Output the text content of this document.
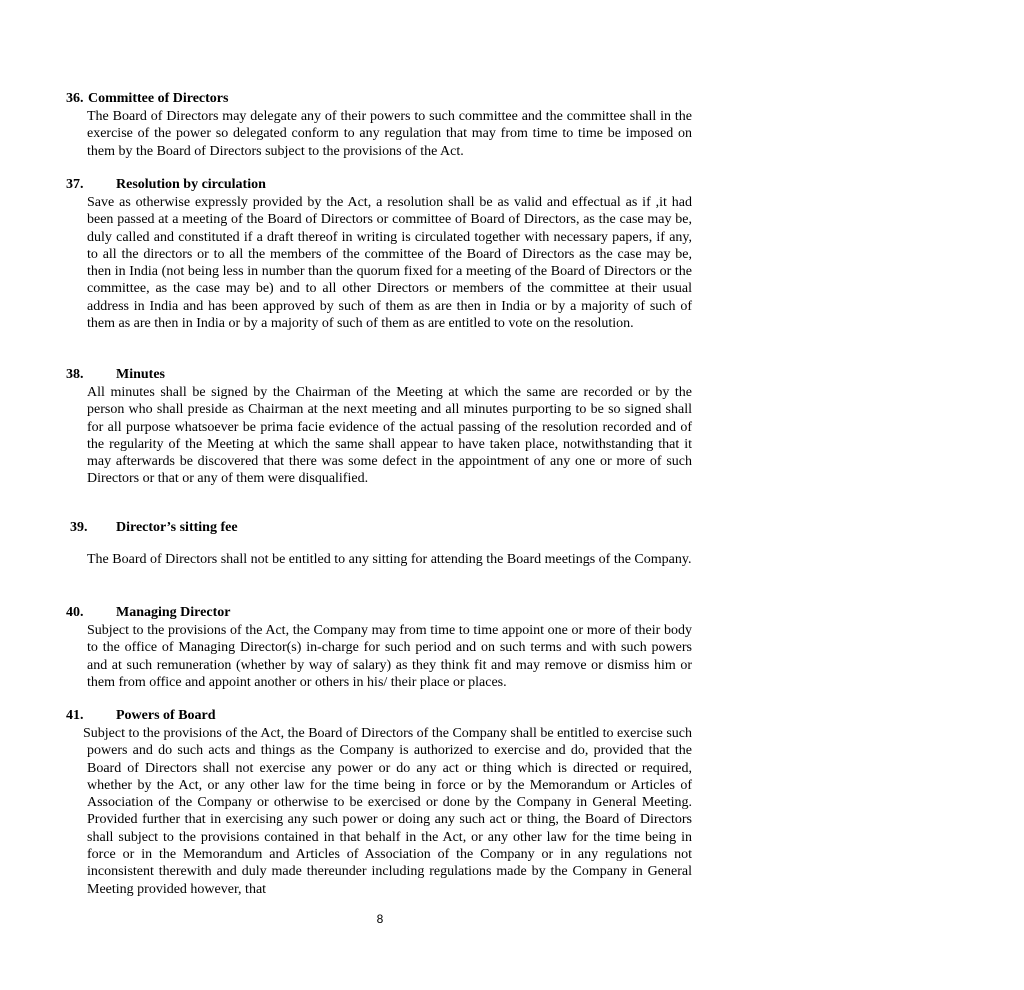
36. Committee of Directors
The Board of Directors may delegate any of their powers to such committee and the committee shall in the exercise of the power so delegated conform to any regulation that may from time to time be imposed on them by the Board of Directors subject to the provisions of the Act.
37. Resolution by circulation
Save as otherwise expressly provided by the Act, a resolution shall be as valid and effectual as if ,it had been passed at a meeting of the Board of Directors or committee of Board of Directors, as the case may be, duly called and constituted if a draft thereof in writing is circulated together with necessary papers, if any, to all the directors or to all the members of the committee of the Board of Directors as the case may be, then in India (not being less in number than the quorum fixed for a meeting of the Board of Directors or the committee, as the case may be) and to all other Directors or members of the committee at their usual address in India and has been approved by such of them as are then in India or by a majority of such of them as are then in India or by a majority of such of them as are entitled to vote on the resolution.
38. Minutes
All minutes shall be signed by the Chairman of the Meeting at which the same are recorded or by the person who shall preside as Chairman at the next meeting and all minutes purporting to be so signed shall for all purpose whatsoever be prima facie evidence of the actual passing of the resolution recorded and of the regularity of the Meeting at which the same shall appear to have taken place, notwithstanding that it may afterwards be discovered that there was some defect in the appointment of any one or more of such Directors or that or any of them were disqualified.
39. Director’s sitting fee
The Board of Directors shall not be entitled to any sitting for attending the Board meetings of the Company.
40. Managing Director
Subject to the provisions of the Act, the Company may from time to time appoint one or more of their body to the office of Managing Director(s) in-charge for such period and on such terms and with such powers and at such remuneration (whether by way of salary) as they think fit and may remove or dismiss him or them from office and appoint another or others in his/ their place or places.
41. Powers of Board
Subject to the provisions of the Act, the Board of Directors of the Company shall be entitled to exercise such powers and do such acts and things as the Company is authorized to exercise and do, provided that the Board of Directors shall not exercise any power or do any act or thing which is directed or required, whether by the Act, or any other law for the time being in force or by the Memorandum or Articles of Association of the Company or otherwise to be exercised or done by the Company in General Meeting. Provided further that in exercising any such power or doing any such act or thing, the Board of Directors shall subject to the provisions contained in that behalf in the Act, or any other law for the time being in force or in the Memorandum and Articles of Association of the Company or in any regulations not inconsistent therewith and duly made thereunder including regulations made by the Company in General Meeting provided however, that
8
